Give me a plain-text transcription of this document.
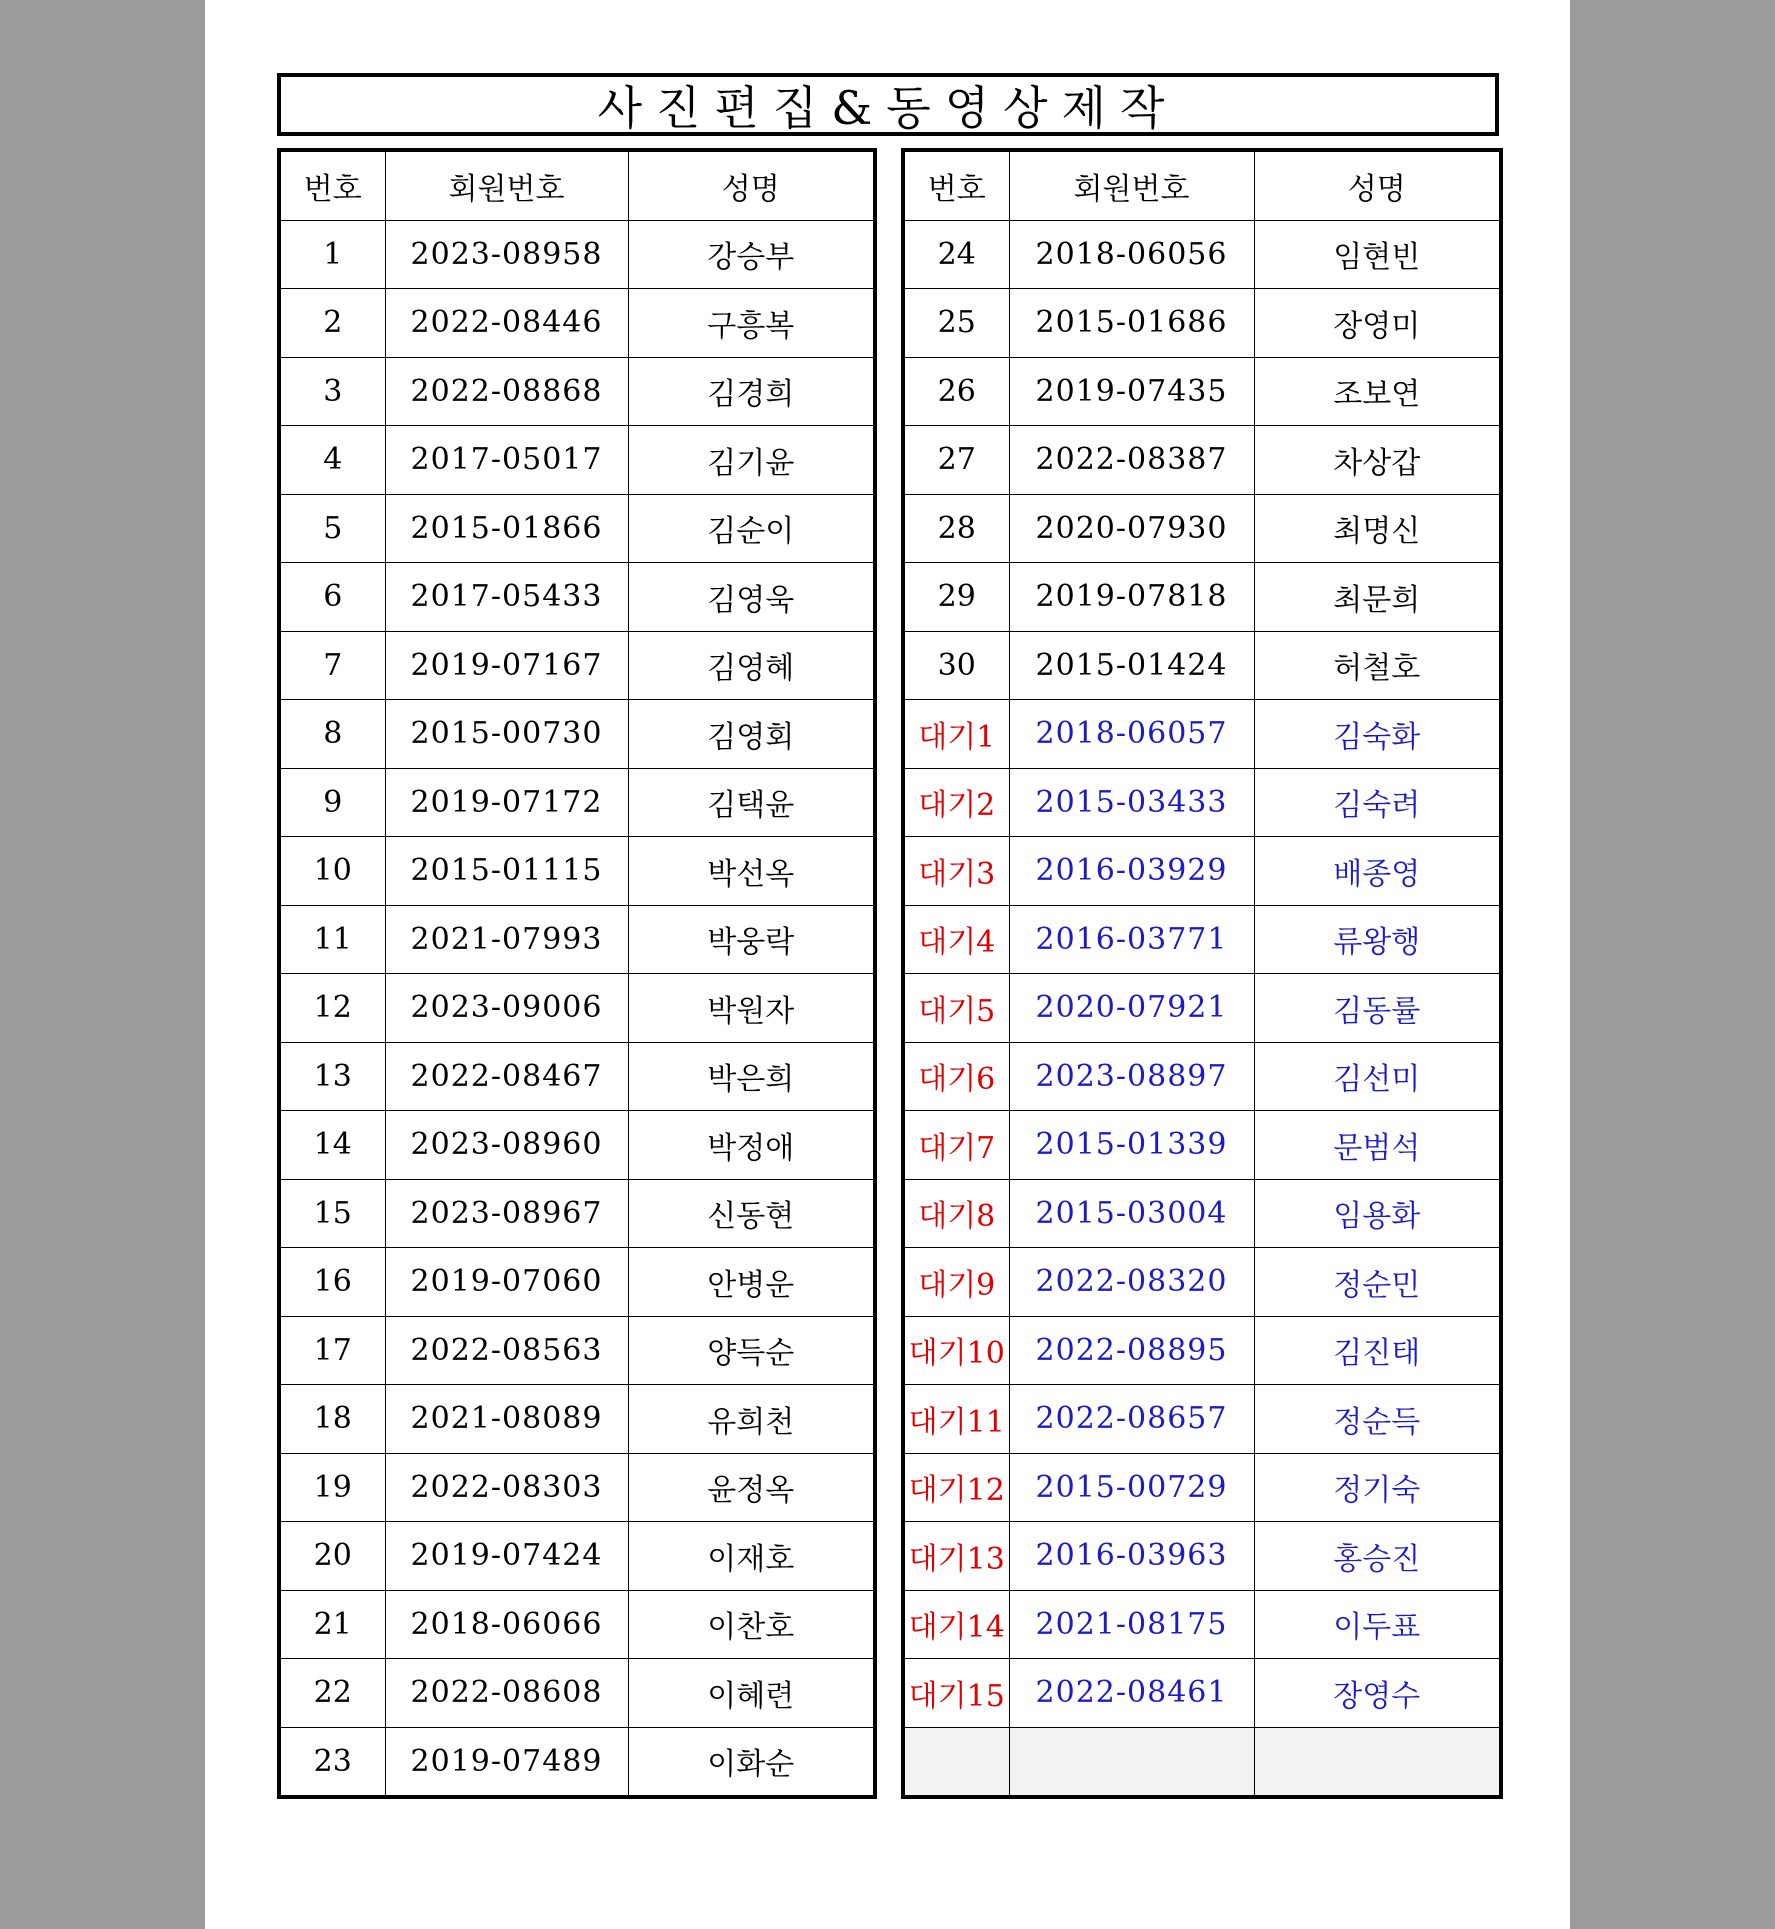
사진편집&동영상제작
번호	회원번호	성명
1	2023-08958	강승부
2	2022-08446	구흥복
3	2022-08868	김경희
4	2017-05017	김기윤
5	2015-01866	김순이
6	2017-05433	김영욱
7	2019-07167	김영혜
8	2015-00730	김영회
9	2019-07172	김택윤
10	2015-01115	박선옥
11	2021-07993	박웅락
12	2023-09006	박원자
13	2022-08467	박은희
14	2023-08960	박정애
15	2023-08967	신동현
16	2019-07060	안병운
17	2022-08563	양득순
18	2021-08089	유희천
19	2022-08303	윤정옥
20	2019-07424	이재호
21	2018-06066	이찬호
22	2022-08608	이혜련
23	2019-07489	이화순
번호	회원번호	성명
24	2018-06056	임현빈
25	2015-01686	장영미
26	2019-07435	조보연
27	2022-08387	차상갑
28	2020-07930	최명신
29	2019-07818	최문희
30	2015-01424	허철호
대기1	2018-06057	김숙화
대기2	2015-03433	김숙려
대기3	2016-03929	배종영
대기4	2016-03771	류왕행
대기5	2020-07921	김동률
대기6	2023-08897	김선미
대기7	2015-01339	문범석
대기8	2015-03004	임용화
대기9	2022-08320	정순민
대기10	2022-08895	김진태
대기11	2022-08657	정순득
대기12	2015-00729	정기숙
대기13	2016-03963	홍승진
대기14	2021-08175	이두표
대기15	2022-08461	장영수
